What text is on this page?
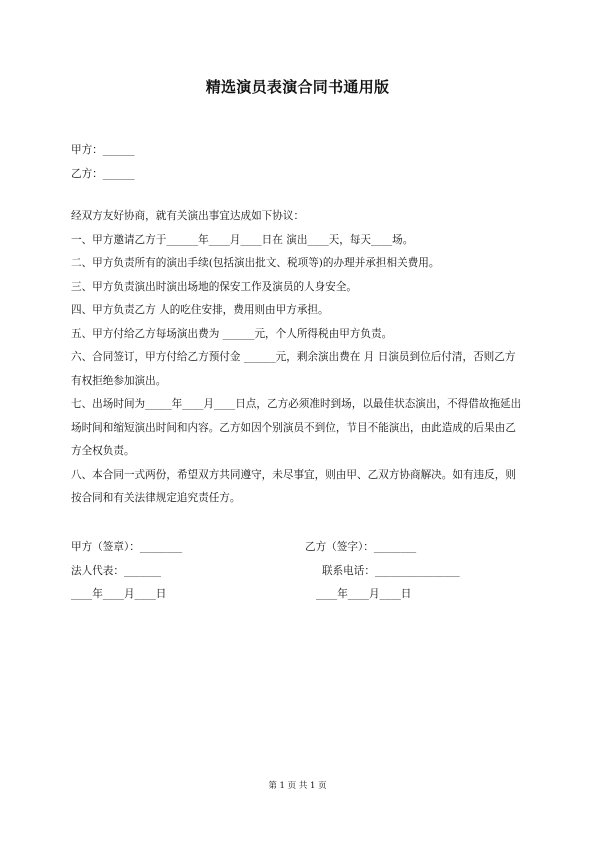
精选演员表演合同书通用版
甲方：______
乙方：______

经双方友好协商，就有关演出事宜达成如下协议：

一、甲方邀请乙方于______年____月____日在 演出____天，每天____场。

二、甲方负责所有的演出手续(包括演出批文、税项等)的办理并承担相关费用。

三、甲方负责演出时演出场地的保安工作及演员的人身安全。

四、甲方负责乙方 人的吃住安排，费用则由甲方承担。

五、甲方付给乙方每场演出费为 ______元，个人所得税由甲方负责。

六、合同签订，甲方付给乙方预付金 ______元，剩余演出费在 月 日演员到位后付清，否则乙方有权拒绝参加演出。

七、出场时间为_____年____月____日点，乙方必须准时到场，以最佳状态演出，不得借故拖延出场时间和缩短演出时间和内容。乙方如因个别演员不到位，节目不能演出，由此造成的后果由乙方全权负责。

八、本合同一式两份，希望双方共同遵守，未尽事宜，则由甲、乙双方协商解决。如有违反，则按合同和有关法律规定追究责任方。

甲方（签章）：________	乙方（签字）：________
法人代表：_______	联系电话：________________
____年____月____日	____年____月____日
第 1 页 共 1 页
